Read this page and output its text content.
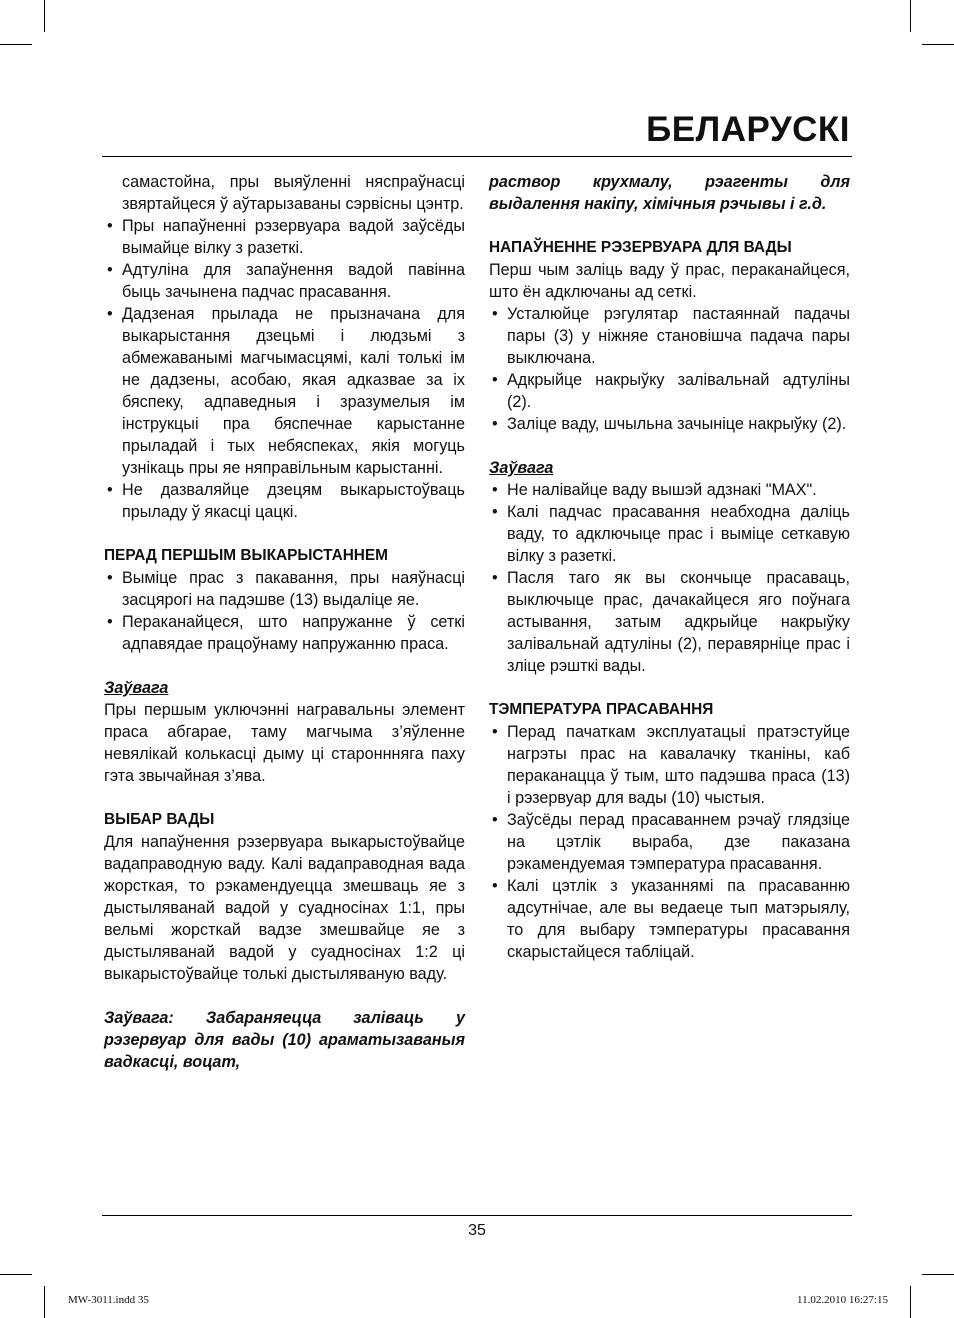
БЕЛАРУСКІ

самастойна, пры выяўленні няспраўнасці звяртайцеся ў аўтарызаваны сэрвісны цэнтр.

• Пры напаўненні рэзервуара вадой заўсёды вымайце вілку з разеткі.
• Адтуліна для запаўнення вадой павінна быць зачынена падчас прасавання.
• Дадзеная прылада не прызначана для выкарыстання дзецьмі і людзьмі з абмежаванымі магчымасцямі, калі толькі ім не дадзены, асобаю, якая адказвае за іх бяспеку, адпаведныя і зразумелыя ім інструкцыі пра бяспечнае карыстанне прыладай і тых небяспеках, якія могуць узнікаць пры яе няправільным карыстанні.
• Не дазваляйце дзецям выкарыстоўваць прыладу ў якасці цацкі.
ПЕРАД ПЕРШЫМ ВЫКАРЫСТАННЕМ
• Выміце прас з пакавання, пры наяўнасці засцярогі на падэшве (13) выдаліце яе.
• Пераканайцеся, што напружанне ў сеткі адпавядае працоўнаму напружанню праса.

Заўвага

Пры першым уключэнні награвальны элемент праса абгарае, таму магчыма з’яўленне невялікай колькасці дыму ці староннняга паху гэта звычайная з’ява.

ВЫБАР ВАДЫ

Для напаўнення рэзервуара выкарыстоўвайце вадаправодную ваду. Калі вадаправодная вада жорсткая, то рэкамендуецца змешваць яе з дыстыляванай вадой у суадносінах 1:1, пры вельмі жорсткай вадзе змешвайце яе з дыстыляванай вадой у суадносінах 1:2 ці выкарыстоўвайце толькі дыстыляваную ваду.

Заўвага: Забараняецца заліваць у рэзервуар для вады (10) араматызаваныя вадкасці, воцат,

раствор крухмалу, рэагенты для выдалення накіпу, хімічныя рэчывы і г.д.

НАПАЎНЕННЕ РЭЗЕРВУАРА ДЛЯ ВАДЫ

Перш чым заліць ваду ў прас, пераканайцеся, што ён адключаны ад сеткі.

• Усталюйце рэгулятар пастаяннай падачы пары (3) у ніжняе становішча падача пары выключана.
• Адкрыйце накрыўку залівальнай адтуліны (2).
• Заліце ваду, шчыльна зачыніце накрыўку (2).

Заўвага

• Не налівайце ваду вышэй адзнакі "MAX".
• Калі падчас прасавання неабходна даліць ваду, то адключыце прас і выміце сеткавую вілку з разеткі.
• Пасля таго як вы скончыце прасаваць, выключыце прас, дачакайцеся яго поўнага астывання, затым адкрыйце накрыўку залівальнай адтуліны (2), перавярніце прас і зліце рэшткі вады.
ТЭМПЕРАТУРА ПРАСАВАННЯ
• Перад пачаткам эксплуатацыі пратэстуйце нагрэты прас на кавалачку тканіны, каб пераканацца ў тым, што падэшва праса (13) і рэзервуар для вады (10) чыстыя.
• Заўсёды перад прасаваннем рэчаў глядзіце на цэтлік вырабa, дзе паказана рэкамендуемая тэмпература прасавання.
• Калі цэтлік з указаннямі па прасаванню адсутнічае, але вы ведаеце тып матэрыялу, то для выбару тэмпературы прасавання скарыстайцеся табліцай.
35
MW-3011.indd 35	11.02.2010 16:27:15
